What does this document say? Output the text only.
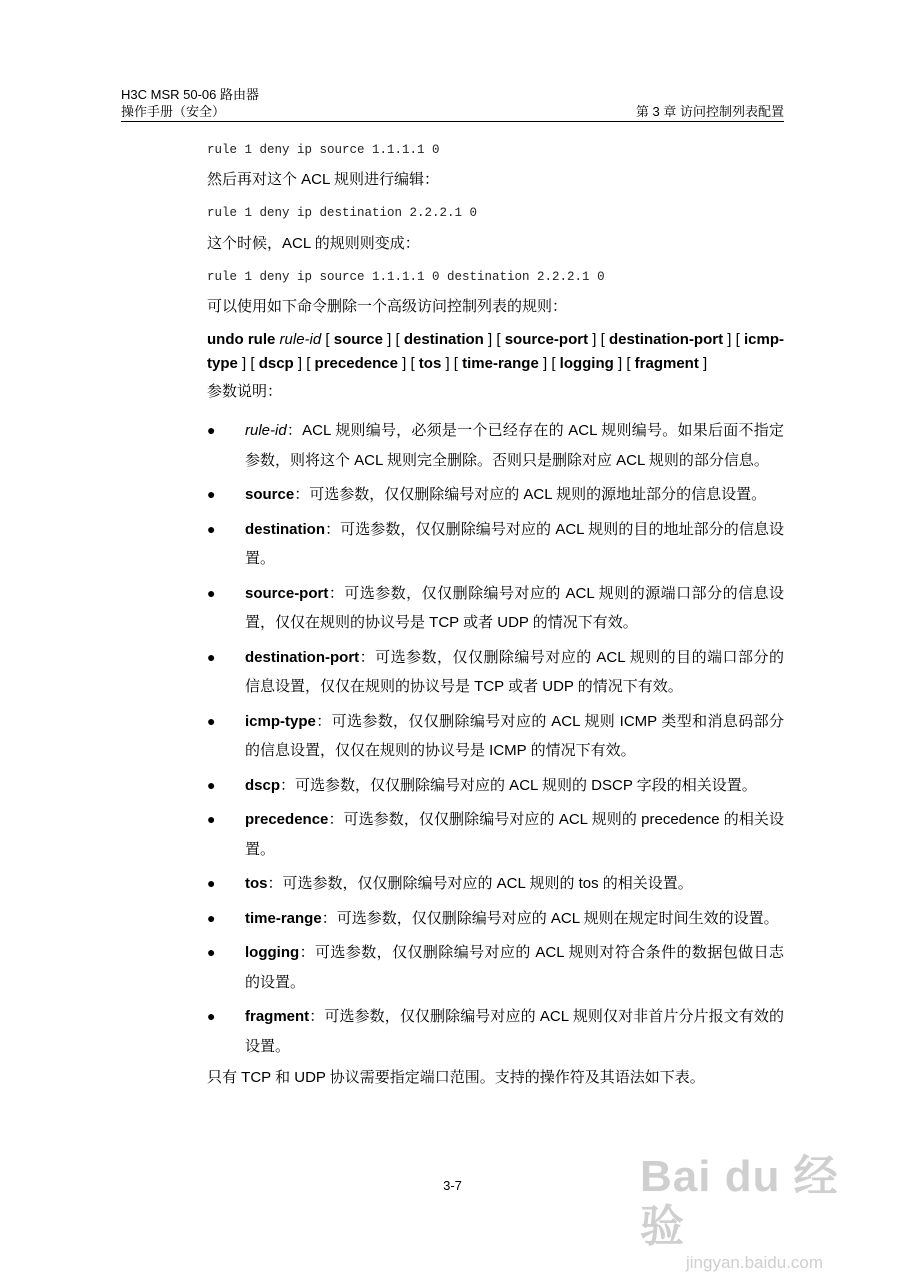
H3C MSR 50-06 路由器
操作手册（安全）	第 3 章 访问控制列表配置

rule 1 deny ip source 1.1.1.1 0

然后再对这个 ACL 规则进行编辑：

rule 1 deny ip destination 2.2.2.1 0

这个时候，ACL 的规则则变成：

rule 1 deny ip source 1.1.1.1 0 destination 2.2.2.1 0

可以使用如下命令删除一个高级访问控制列表的规则：

undo rule rule-id [ source ] [ destination ] [ source-port ] [ destination-port ] [ icmp-type ] [ dscp ] [ precedence ] [ tos ] [ time-range ] [ logging ] [ fragment ]

参数说明：

● rule-id：ACL 规则编号，必须是一个已经存在的 ACL 规则编号。如果后面不指定参数，则将这个 ACL 规则完全删除。否则只是删除对应 ACL 规则的部分信息。
● source：可选参数，仅仅删除编号对应的 ACL 规则的源地址部分的信息设置。
● destination：可选参数，仅仅删除编号对应的 ACL 规则的目的地址部分的信息设置。
● source-port：可选参数，仅仅删除编号对应的 ACL 规则的源端口部分的信息设置，仅仅在规则的协议号是 TCP 或者 UDP 的情况下有效。
● destination-port：可选参数，仅仅删除编号对应的 ACL 规则的目的端口部分的信息设置，仅仅在规则的协议号是 TCP 或者 UDP 的情况下有效。
● icmp-type：可选参数，仅仅删除编号对应的 ACL 规则 ICMP 类型和消息码部分的信息设置，仅仅在规则的协议号是 ICMP 的情况下有效。
● dscp：可选参数，仅仅删除编号对应的 ACL 规则的 DSCP 字段的相关设置。
● precedence：可选参数，仅仅删除编号对应的 ACL 规则的 precedence 的相关设置。
● tos：可选参数，仅仅删除编号对应的 ACL 规则的 tos 的相关设置。
● time-range：可选参数，仅仅删除编号对应的 ACL 规则在规定时间生效的设置。
● logging：可选参数，仅仅删除编号对应的 ACL 规则对符合条件的数据包做日志的设置。
● fragment：可选参数，仅仅删除编号对应的 ACL 规则仅对非首片分片报文有效的设置。

只有 TCP 和 UDP 协议需要指定端口范围。支持的操作符及其语法如下表。

3-7	Bai du 经验
jingyan.baidu.com
